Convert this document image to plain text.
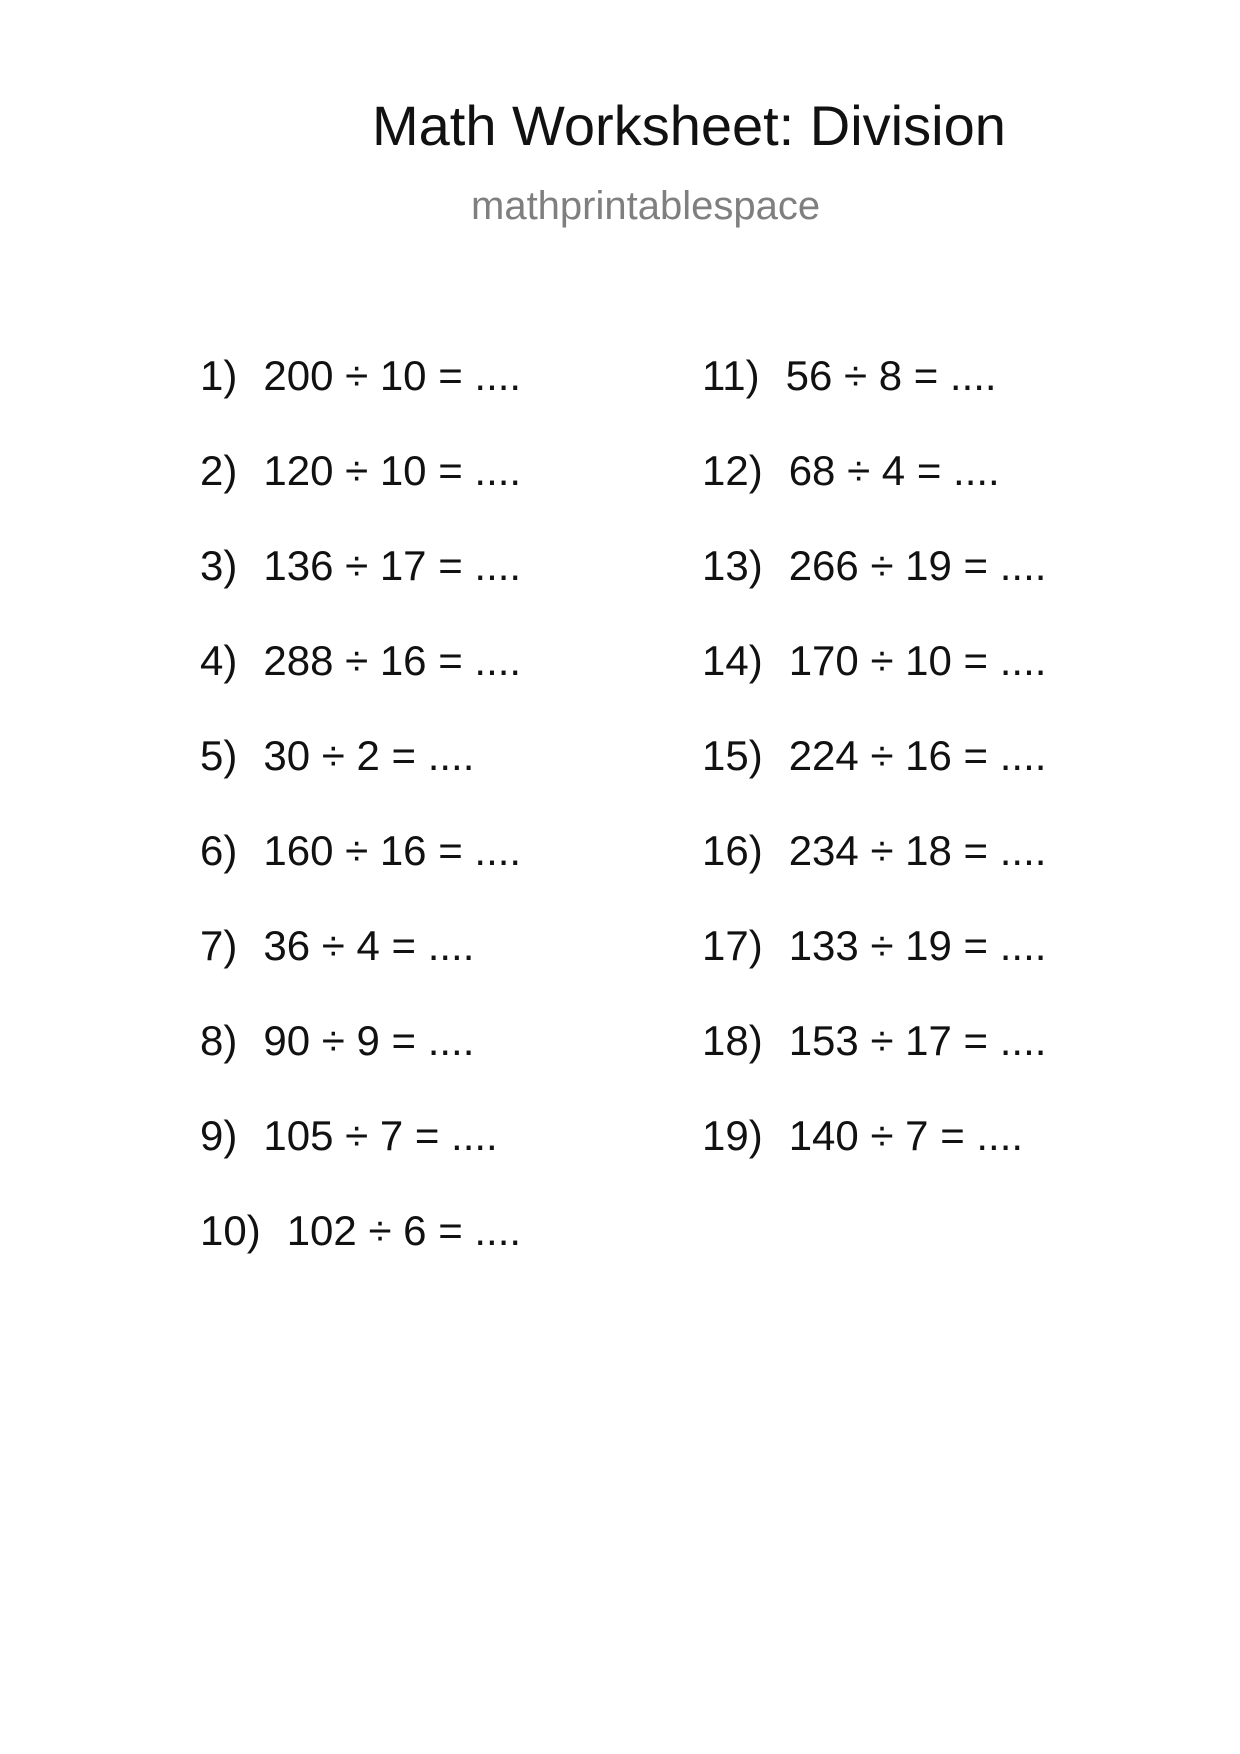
Math Worksheet: Division
mathprintablespace
1) 200 ÷ 10 = ....
2) 120 ÷ 10 = ....
3) 136 ÷ 17 = ....
4) 288 ÷ 16 = ....
5) 30 ÷ 2 = ....
6) 160 ÷ 16 = ....
7) 36 ÷ 4 = ....
8) 90 ÷ 9 = ....
9) 105 ÷ 7 = ....
10) 102 ÷ 6 = ....
11) 56 ÷ 8 = ....
12) 68 ÷ 4 = ....
13) 266 ÷ 19 = ....
14) 170 ÷ 10 = ....
15) 224 ÷ 16 = ....
16) 234 ÷ 18 = ....
17) 133 ÷ 19 = ....
18) 153 ÷ 17 = ....
19) 140 ÷ 7 = ....
